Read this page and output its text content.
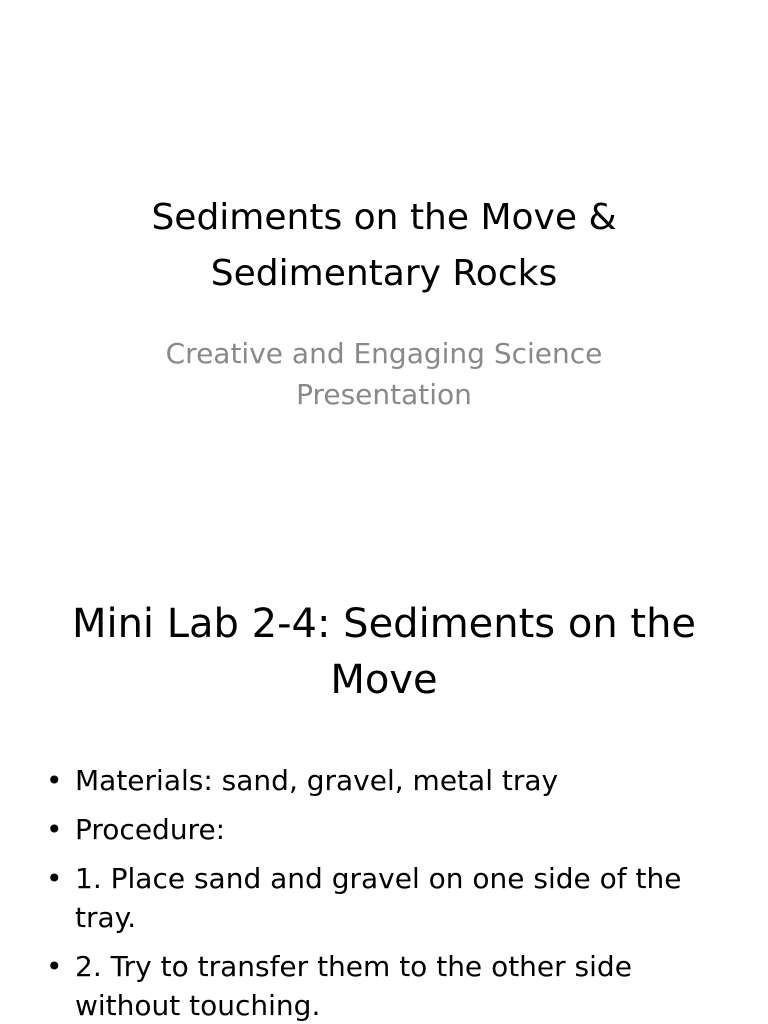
Sediments on the Move &
Sedimentary Rocks

Creative and Engaging Science
Presentation

Mini Lab 2-4: Sediments on the
Move
• Materials: sand, gravel, metal tray
• Procedure:
• 1. Place sand and gravel on one side of the tray.
• 2. Try to transfer them to the other side without touching.
